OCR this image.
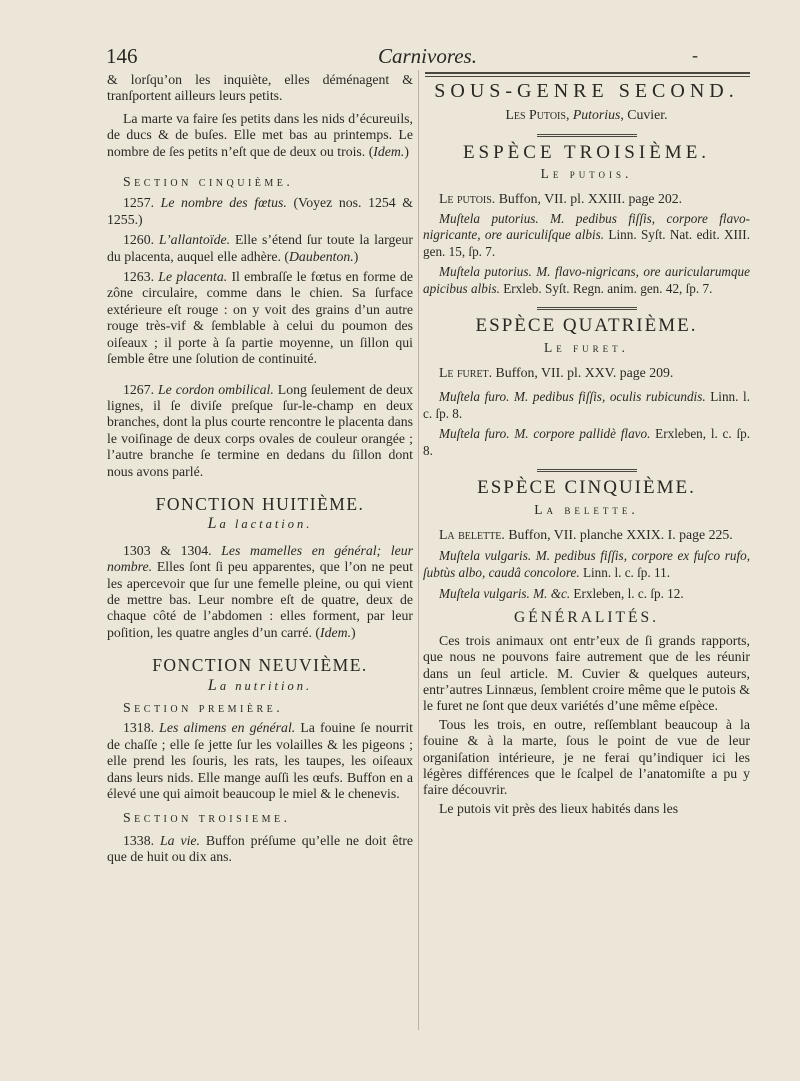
146	Carnivores.	-

& lorſqu’on les inquiète, elles déménagent & tranſportent ailleurs leurs petits.

La marte va faire ſes petits dans les nids d’écureuils, de ducs & de buſes. Elle met bas au printemps. Le nombre de ſes petits n’eſt que de deux ou trois. (Idem.)

Section cinquième.

1257. Le nombre des fœtus. (Voyez nos. 1254 & 1255.)

1260. L’allantoïde. Elle s’étend ſur toute la largeur du placenta, auquel elle adhère. (Daubenton.)

1263. Le placenta. Il embraſſe le fœtus en forme de zône circulaire, comme dans le chien. Sa ſurface extérieure eſt rouge : on y voit des grains d’un autre rouge très-vif & ſemblable à celui du poumon des oiſeaux ; il porte à ſa partie moyenne, un ſillon qui ſemble être une ſolution de continuité.

1267. Le cordon ombilical. Long ſeulement de deux lignes, il ſe diviſe preſque ſur-le-champ en deux branches, dont la plus courte rencontre le placenta dans le voiſinage de deux corps ovales de couleur orangée ; l’autre branche ſe termine en dedans du ſillon dont nous avons parlé.

FONCTION HUITIÈME.

La lactation.

1303 & 1304. Les mamelles en général; leur nombre. Elles ſont ſi peu apparentes, que l’on ne peut les apercevoir que ſur une femelle pleine, ou qui vient de mettre bas. Leur nombre eſt de quatre, deux de chaque côté de l’abdomen : elles forment, par leur poſition, les quatre angles d’un carré. (Idem.)

FONCTION NEUVIÈME.

La nutrition.

Section première.

1318. Les alimens en général. La fouine ſe nourrit de chaſſe ; elle ſe jette ſur les volailles & les pigeons ; elle prend les ſouris, les rats, les taupes, les oiſeaux dans leurs nids. Elle mange auſſi les œufs. Buffon en a élevé une qui aimoit beaucoup le miel & le chenevis.

Section troisieme.

1338. La vie. Buffon préſume qu’elle ne doit être que de huit ou dix ans.

SOUS-GENRE SECOND.

Les Putois, Putorius, Cuvier.

ESPÈCE TROISIÈME.

Le putois.

Le putois. Buffon, VII. pl. XXIII. page 202.

Muſtela putorius. M. pedibus fiſſis, corpore flavo-nigricante, ore auriculiſque albis. Linn. Syſt. Nat. edit. XIII. gen. 15, ſp. 7.

Muſtela putorius. M. flavo-nigricans, ore auricularumque apicibus albis. Erxleb. Syſt. Regn. anim. gen. 42, ſp. 7.

ESPÈCE QUATRIÈME.

Le furet.

Le furet. Buffon, VII. pl. XXV. page 209.

Muſtela furo. M. pedibus fiſſis, oculis rubicundis. Linn. l. c. ſp. 8.

Muſtela furo. M. corpore pallidè flavo. Erxleben, l. c. ſp. 8.

ESPÈCE CINQUIÈME.

La belette.

La belette. Buffon, VII. planche XXIX. I. page 225.

Muſtela vulgaris. M. pedibus fiſſis, corpore ex fuſco rufo, ſubtùs albo, caudâ concolore. Linn. l. c. ſp. 11.

Muſtela vulgaris. M. &c. Erxleben, l. c. ſp. 12.

GÉNÉRALITÉS.

Ces trois animaux ont entr’eux de ſi grands rapports, que nous ne pouvons faire autrement que de les réunir dans un ſeul article. M. Cuvier & quelques auteurs, entr’autres Linnæus, ſemblent croire même que le putois & le furet ne ſont que deux variétés d’une même eſpèce.

Tous les trois, en outre, reſſemblant beaucoup à la fouine & à la marte, ſous le point de vue de leur organiſation intérieure, je ne ferai qu’indiquer ici les légères différences que le ſcalpel de l’anatomiſte a pu y faire découvrir.

Le putois vit près des lieux habités dans les
